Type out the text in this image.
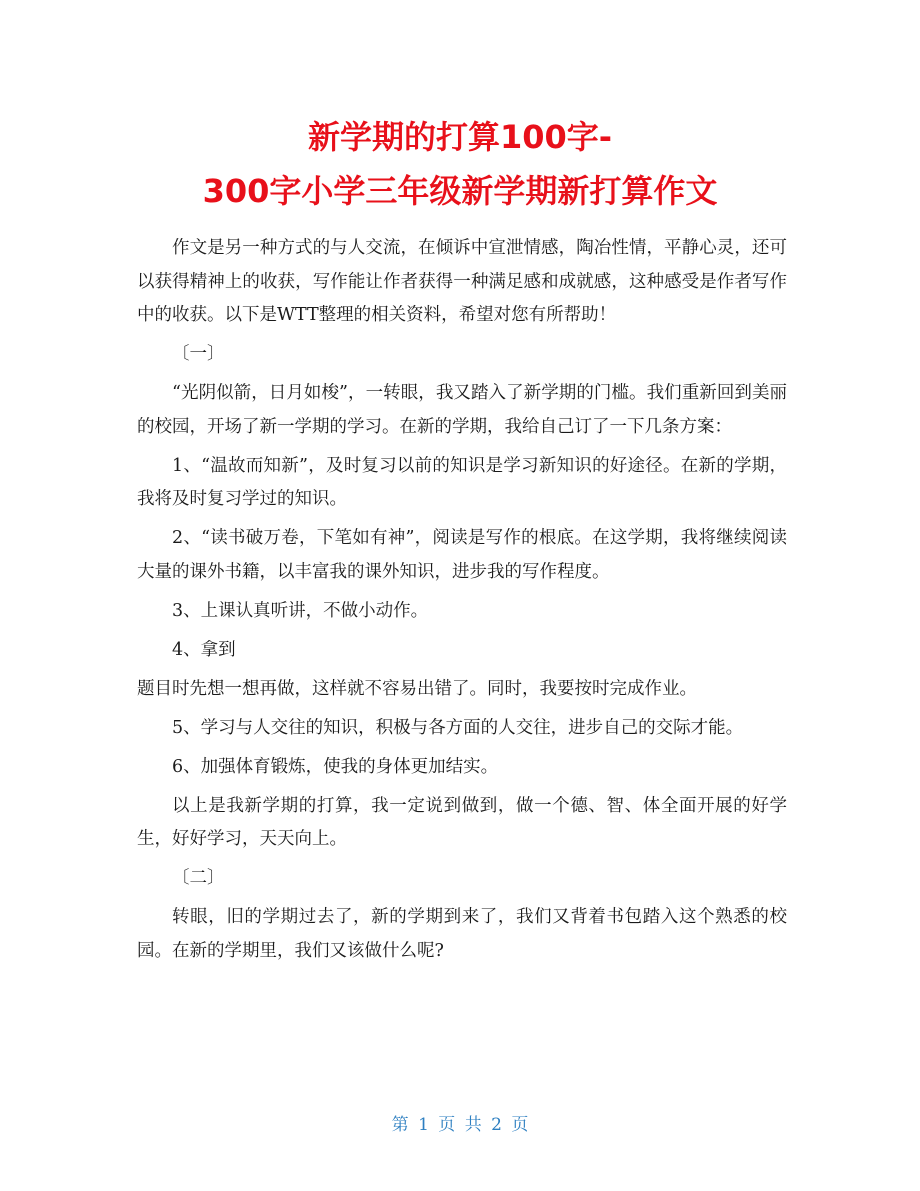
新学期的打算100字-
300字小学三年级新学期新打算作文

作文是另一种方式的与人交流，在倾诉中宣泄情感，陶冶性情，平静心灵，还可以获得精神上的收获，写作能让作者获得一种满足感和成就感，这种感受是作者写作中的收获。以下是WTT整理的相关资料，希望对您有所帮助！

〔一〕

“光阴似箭，日月如梭”，一转眼，我又踏入了新学期的门槛。我们重新回到美丽的校园，开场了新一学期的学习。在新的学期，我给自己订了一下几条方案：

1、“温故而知新”，及时复习以前的知识是学习新知识的好途径。在新的学期，我将及时复习学过的知识。

2、“读书破万卷，下笔如有神”，阅读是写作的根底。在这学期，我将继续阅读大量的课外书籍，以丰富我的课外知识，进步我的写作程度。

3、上课认真听讲，不做小动作。

4、拿到

题目时先想一想再做，这样就不容易出错了。同时，我要按时完成作业。

5、学习与人交往的知识，积极与各方面的人交往，进步自己的交际才能。

6、加强体育锻炼，使我的身体更加结实。

以上是我新学期的打算，我一定说到做到，做一个德、智、体全面开展的好学生，好好学习，天天向上。

〔二〕

转眼，旧的学期过去了，新的学期到来了，我们又背着书包踏入这个熟悉的校园。在新的学期里，我们又该做什么呢?

第 1 页 共 2 页
